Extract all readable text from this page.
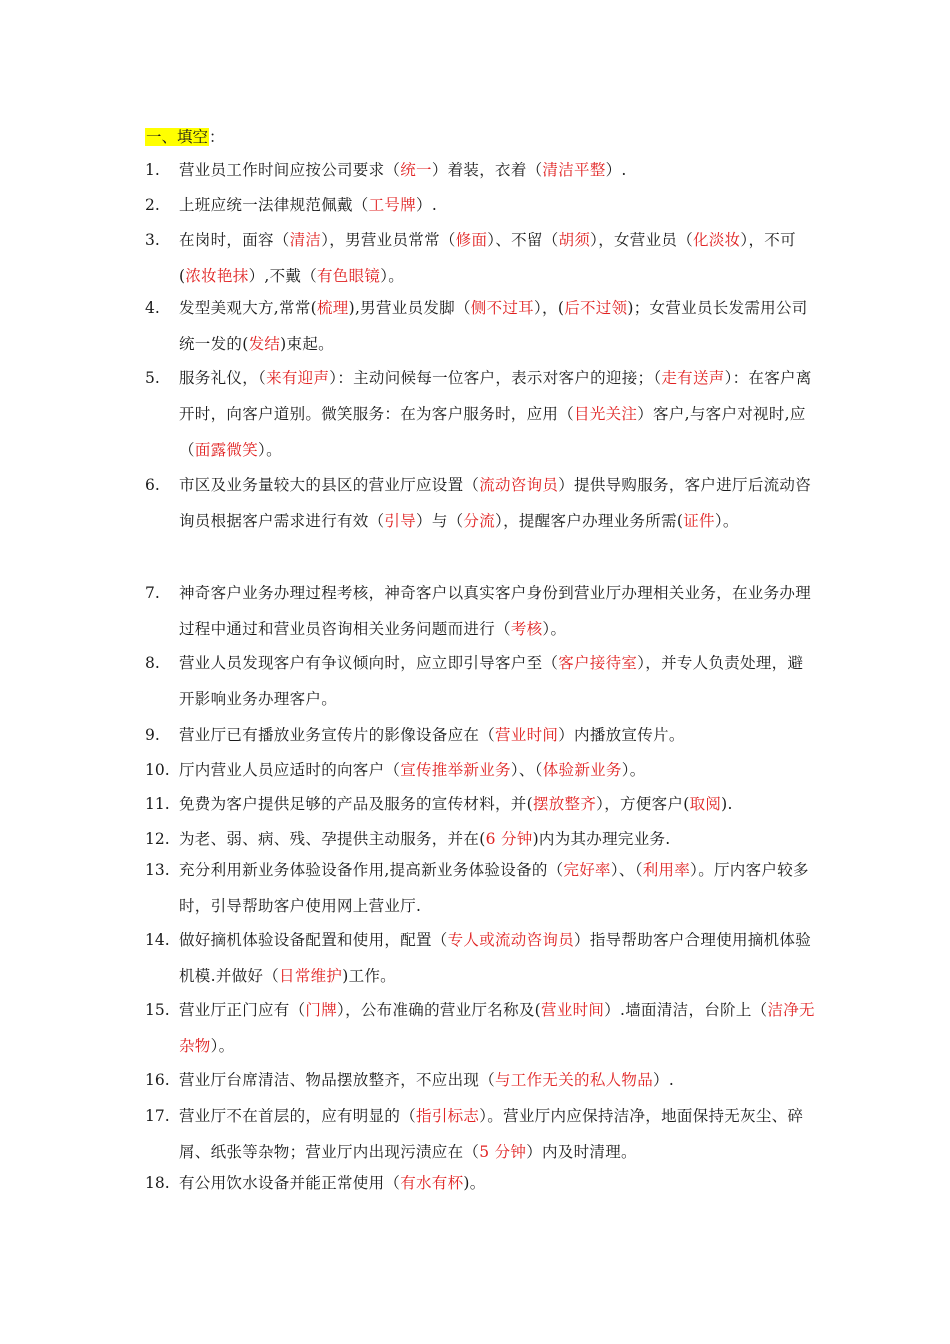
一、填空：
1.	营业员工作时间应按公司要求（统一）着装，衣着（清洁平整）.
2.	上班应统一法律规范佩戴（工号牌）.
3.	在岗时，面容（清洁），男营业员常常（修面）、不留（胡须），女营业员（化淡妆），不可(浓妆艳抹）,不戴（有色眼镜）。
4.	发型美观大方,常常(梳理),男营业员发脚（侧不过耳），(后不过领)；女营业员长发需用公司统一发的(发结)束起。
5.	服务礼仪，（来有迎声）：主动问候每一位客户，表示对客户的迎接；（走有送声）：在客户离开时，向客户道别。微笑服务：在为客户服务时，应用（目光关注）客户,与客户对视时,应（面露微笑）。
6.	市区及业务量较大的县区的营业厅应设置（流动咨询员）提供导购服务，客户进厅后流动咨询员根据客户需求进行有效（引导）与（分流），提醒客户办理业务所需(证件）。
7.	神奇客户业务办理过程考核，神奇客户以真实客户身份到营业厅办理相关业务，在业务办理过程中通过和营业员咨询相关业务问题而进行（考核）。
8.	营业人员发现客户有争议倾向时，应立即引导客户至（客户接待室），并专人负责处理，避开影响业务办理客户。
9.	营业厅已有播放业务宣传片的影像设备应在（营业时间）内播放宣传片。
10. 厅内营业人员应适时的向客户（宣传推举新业务）、（体验新业务）。
11. 免费为客户提供足够的产品及服务的宣传材料，并(摆放整齐），方便客户(取阅).
12. 为老、弱、病、残、孕提供主动服务，并在(6 分钟)内为其办理完业务.
13. 充分利用新业务体验设备作用,提高新业务体验设备的（完好率）、（利用率）。厅内客户较多时，引导帮助客户使用网上营业厅.
14. 做好摘机体验设备配置和使用，配置（专人或流动咨询员）指导帮助客户合理使用摘机体验机模.并做好（日常维护)工作。
15. 营业厅正门应有（门牌），公布准确的营业厅名称及(营业时间）.墙面清洁，台阶上（洁净无杂物）。
16. 营业厅台席清洁、物品摆放整齐，不应出现（与工作无关的私人物品）.
17. 营业厅不在首层的，应有明显的（指引标志）。营业厅内应保持洁净，地面保持无灰尘、碎屑、纸张等杂物；营业厅内出现污渍应在（5 分钟）内及时清理。
18. 有公用饮水设备并能正常使用（有水有杯)。
